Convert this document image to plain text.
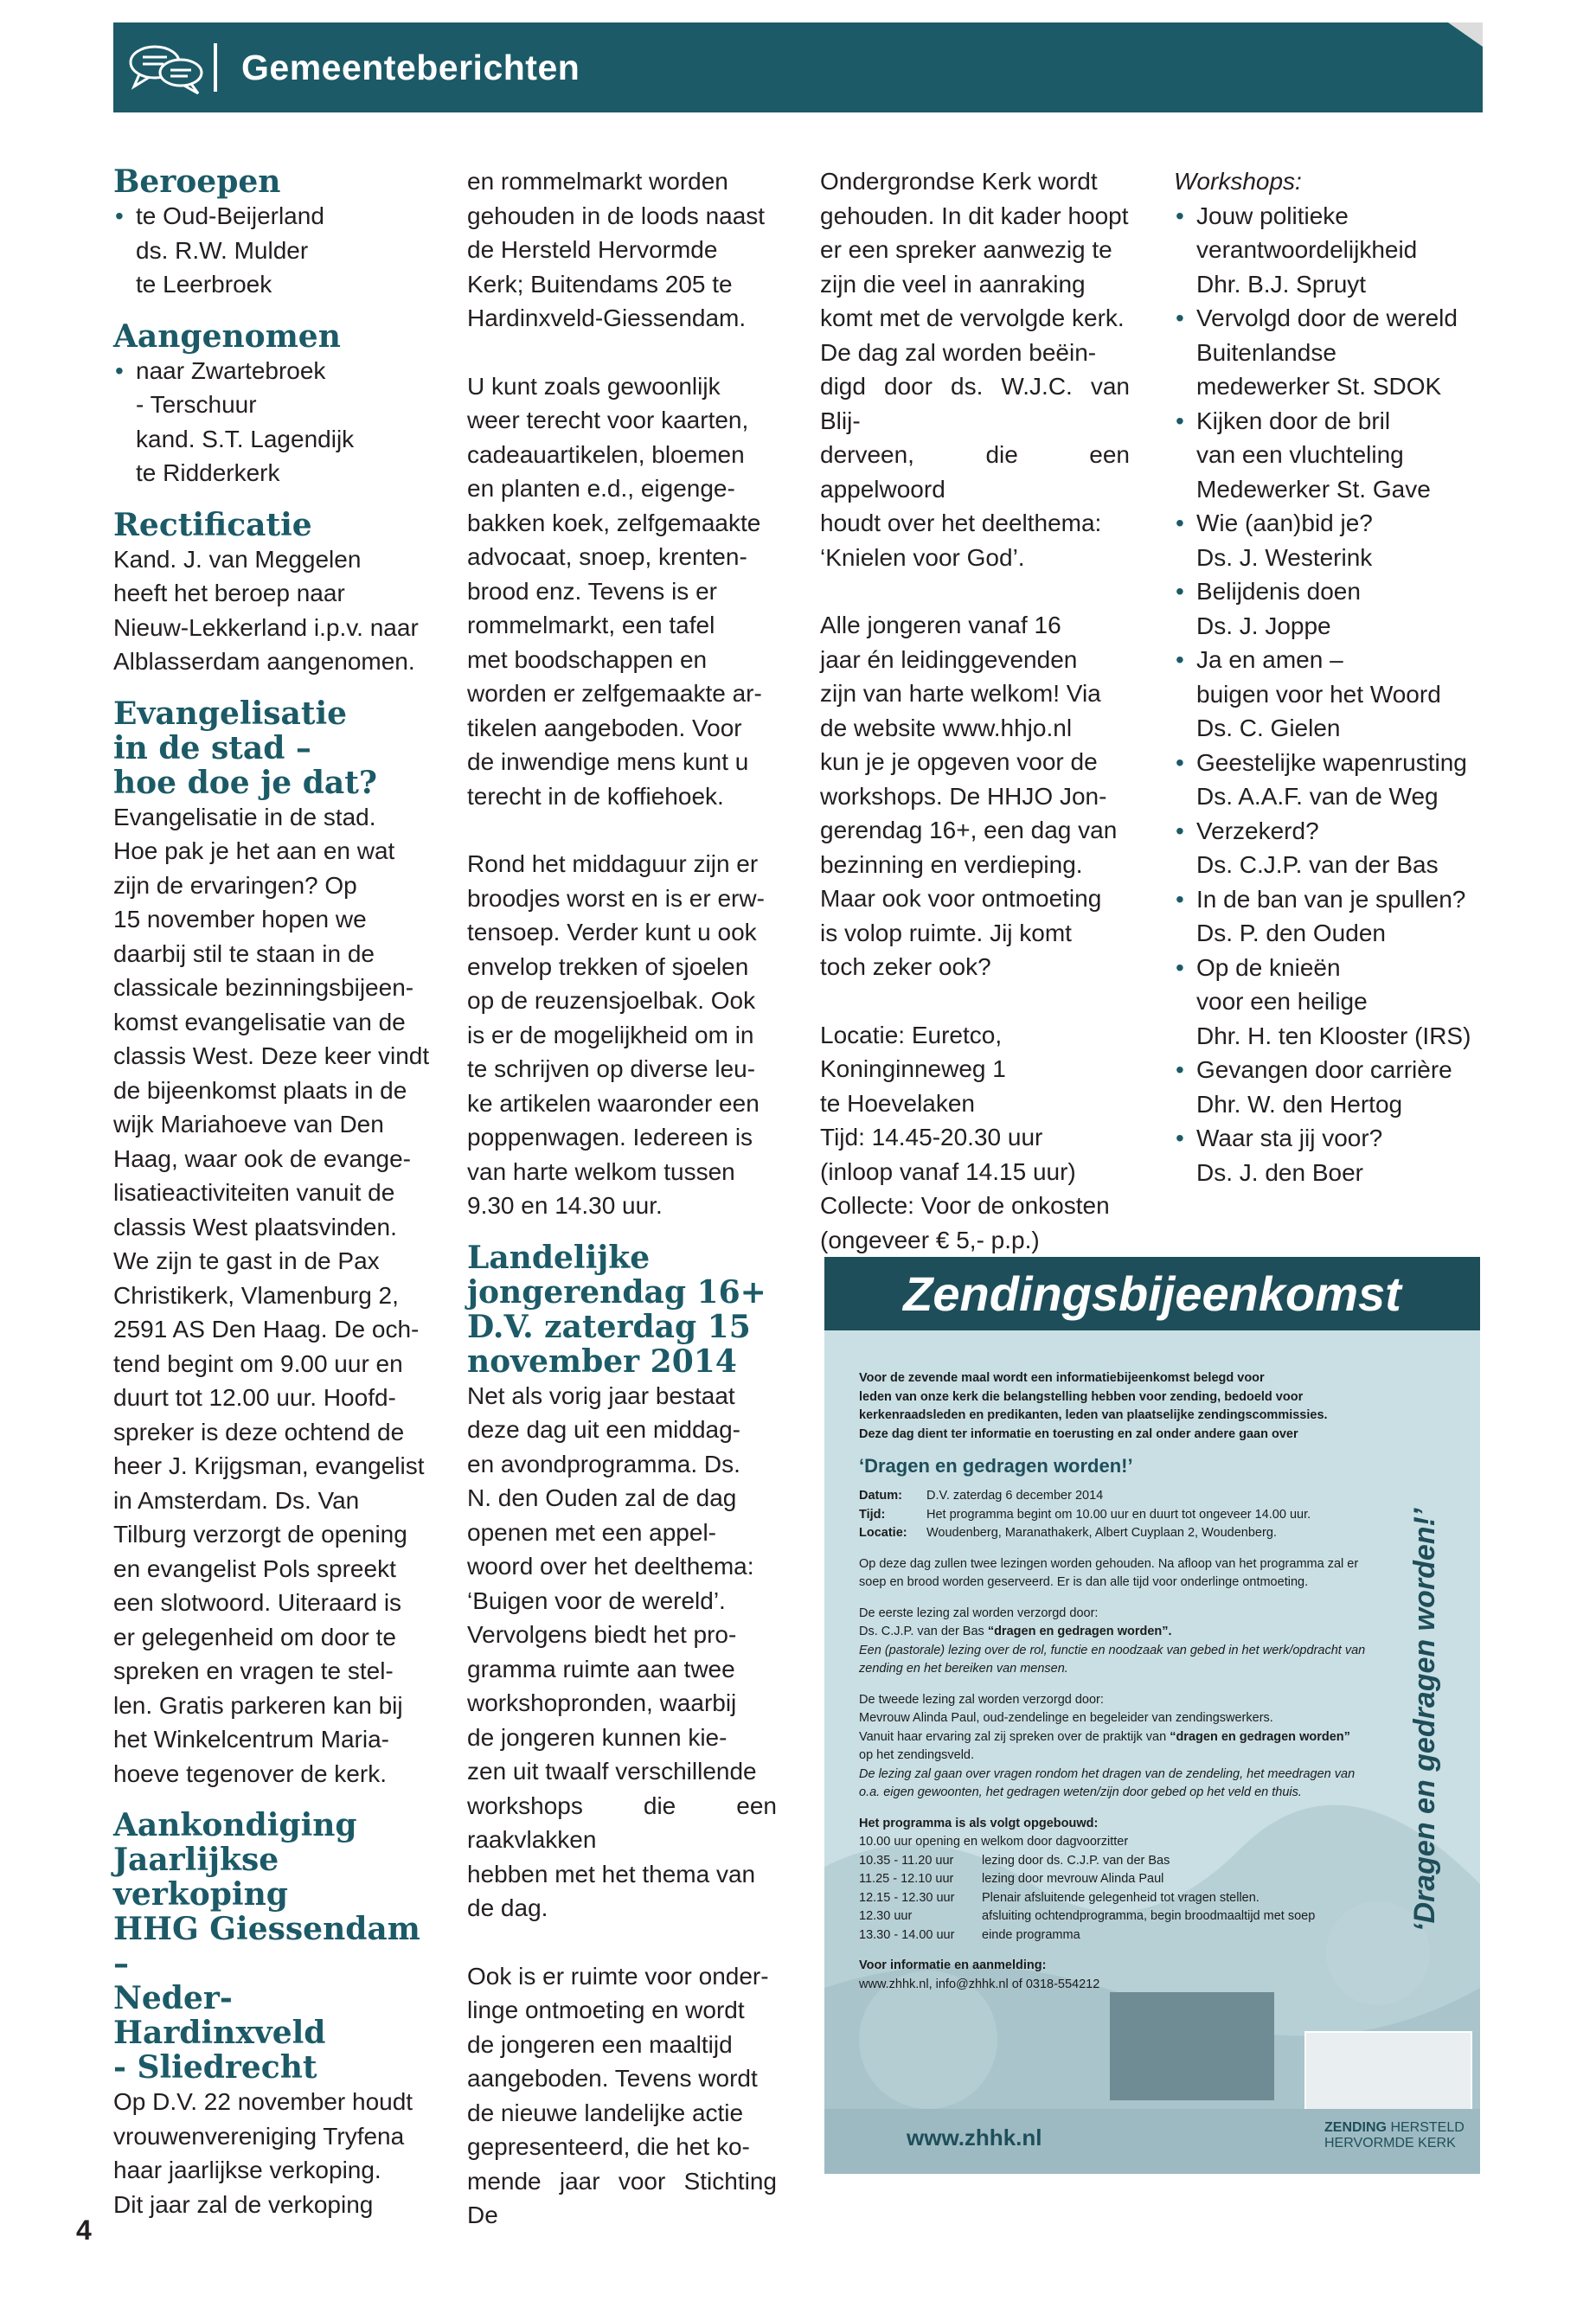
Gemeenteberichten
Beroepen
• te Oud-Beijerland
ds. R.W. Mulder
te Leerbroek
Aangenomen
• naar Zwartebroek
- Terschuur
kand. S.T. Lagendijk
te Ridderkerk
Rectificatie

Kand. J. van Meggelen
heeft het beroep naar
Nieuw-Lekkerland i.p.v. naar
Alblasserdam aangenomen.

Evangelisatie
in de stad –
hoe doe je dat?

Evangelisatie in de stad.
Hoe pak je het aan en wat
zijn de ervaringen? Op
15 november hopen we
daarbij stil te staan in de
classicale bezinningsbijeen-
komst evangelisatie van de
classis West. Deze keer vindt
de bijeenkomst plaats in de
wijk Mariahoeve van Den
Haag, waar ook de evange-
lisatieactiviteiten vanuit de
classis West plaatsvinden.
We zijn te gast in de Pax
Christikerk, Vlamenburg 2,
2591 AS Den Haag. De och-
tend begint om 9.00 uur en
duurt tot 12.00 uur. Hoofd-
spreker is deze ochtend de
heer J. Krijgsman, evangelist
in Amsterdam. Ds. Van
Tilburg verzorgt de opening
en evangelist Pols spreekt
een slotwoord. Uiteraard is
er gelegenheid om door te
spreken en vragen te stel-
len. Gratis parkeren kan bij
het Winkelcentrum Maria-
hoeve tegenover de kerk.

Aankondiging
Jaarlijkse verkoping
HHG Giessendam –
Neder-Hardinxveld
- Sliedrecht

Op D.V. 22 november houdt
vrouwenvereniging Tryfena
haar jaarlijkse verkoping.
Dit jaar zal de verkoping

en rommelmarkt worden
gehouden in de loods naast
de Hersteld Hervormde
Kerk; Buitendams 205 te
Hardinxveld-Giessendam.

U kunt zoals gewoonlijk
weer terecht voor kaarten,
cadeauartikelen, bloemen
en planten e.d., eigenge-
bakken koek, zelfgemaakte
advocaat, snoep, krenten-
brood enz. Tevens is er
rommelmarkt, een tafel
met boodschappen en
worden er zelfgemaakte ar-
tikelen aangeboden. Voor
de inwendige mens kunt u
terecht in de koffiehoek.

Rond het middaguur zijn er
broodjes worst en is er erw-
tensoep. Verder kunt u ook
envelop trekken of sjoelen
op de reuzensjoelbak. Ook
is er de mogelijkheid om in
te schrijven op diverse leu-
ke artikelen waaronder een
poppenwagen. Iedereen is
van harte welkom tussen
9.30 en 14.30 uur.

Landelijke
jongerendag 16+
D.V. zaterdag 15
november 2014

Net als vorig jaar bestaat
deze dag uit een middag-
en avondprogramma. Ds.
N. den Ouden zal de dag
openen met een appel-
woord over het deelthema:
‘Buigen voor de wereld’.
Vervolgens biedt het pro-
gramma ruimte aan twee
workshopronden, waarbij
de jongeren kunnen kie-
zen uit twaalf verschillende
workshops die een raakvlakken
hebben met het thema van
de dag.

Ook is er ruimte voor onder-
linge ontmoeting en wordt
de jongeren een maaltijd
aangeboden. Tevens wordt
de nieuwe landelijke actie
gepresenteerd, die het ko-
mende jaar voor Stichting De

Ondergrondse Kerk wordt
gehouden. In dit kader hoopt
er een spreker aanwezig te
zijn die veel in aanraking
komt met de vervolgde kerk.
De dag zal worden beëin-
digd door ds. W.J.C. van Blij-
derveen, die een appelwoord
houdt over het deelthema:
‘Knielen voor God’.

Alle jongeren vanaf 16
jaar én leidinggevenden
zijn van harte welkom! Via
de website www.hhjo.nl
kun je je opgeven voor de
workshops. De HHJO Jon-
gerendag 16+, een dag van
bezinning en verdieping.
Maar ook voor ontmoeting
is volop ruimte. Jij komt
toch zeker ook?

Locatie: Euretco,
Koninginneweg 1
te Hoevelaken
Tijd: 14.45-20.30 uur
(inloop vanaf 14.15 uur)
Collecte: Voor de onkosten
(ongeveer € 5,- p.p.)

Workshops:

• Jouw politieke
verantwoordelijkheid
Dhr. B.J. Spruyt
• Vervolgd door de wereld
Buitenlandse
medewerker St. SDOK
• Kijken door de bril
van een vluchteling
Medewerker St. Gave
• Wie (aan)bid je?
Ds. J. Westerink
• Belijdenis doen
Ds. J. Joppe
• Ja en amen –
buigen voor het Woord
Ds. C. Gielen
• Geestelijke wapenrusting
Ds. A.A.F. van de Weg
• Verzekerd?
Ds. C.J.P. van der Bas
• In de ban van je spullen?
Ds. P. den Ouden
• Op de knieën
voor een heilige
Dhr. H. ten Klooster (IRS)
• Gevangen door carrière
Dhr. W. den Hertog
• Waar sta jij voor?
Ds. J. den Boer
Zendingsbijeenkomst

Voor de zevende maal wordt een informatiebijeenkomst belegd voor
leden van onze kerk die belangstelling hebben voor zending, bedoeld voor
kerkenraadsleden en predikanten, leden van plaatselijke zendingscommissies.
Deze dag dient ter informatie en toerusting en zal onder andere gaan over

‘Dragen en gedragen worden!’
Datum:	D.V. zaterdag 6 december 2014
Tijd:	Het programma begint om 10.00 uur en duurt tot ongeveer 14.00 uur.
Locatie:	Woudenberg, Maranathakerk, Albert Cuyplaan 2, Woudenberg.

Op deze dag zullen twee lezingen worden gehouden. Na afloop van het programma zal er
soep en brood worden geserveerd. Er is dan alle tijd voor onderlinge ontmoeting.

De eerste lezing zal worden verzorgd door:

Ds. C.J.P. van der Bas “dragen en gedragen worden”.

Een (pastorale) lezing over de rol, functie en noodzaak van gebed in het werk/opdracht van
zending en het bereiken van mensen.

De tweede lezing zal worden verzorgd door:

Mevrouw Alinda Paul, oud-zendelinge en begeleider van zendingswerkers.

Vanuit haar ervaring zal zij spreken over de praktijk van “dragen en gedragen worden”

op het zendingsveld.

De lezing zal gaan over vragen rondom het dragen van de zendeling, het meedragen van
o.a. eigen gewoonten, het gedragen weten/zijn door gebed op het veld en thuis.

Het programma is als volgt opgebouwd:

10.00 uur opening en welkom door dagvoorzitter

10.35 - 11.20 uur	lezing door ds. C.J.P. van der Bas
11.25 - 12.10 uur	lezing door mevrouw Alinda Paul
12.15 - 12.30 uur	Plenair afsluitende gelegenheid tot vragen stellen.
12.30 uur	afsluiting ochtendprogramma, begin broodmaaltijd met soep
13.30 - 14.00 uur	einde programma

Voor informatie en aanmelding:

www.zhhk.nl, info@zhhk.nl of 0318-554212

‘Dragen en gedragen worden!’
www.zhhk.nl	ZENDING HERSTELD
HERVORMDE KERK
4
